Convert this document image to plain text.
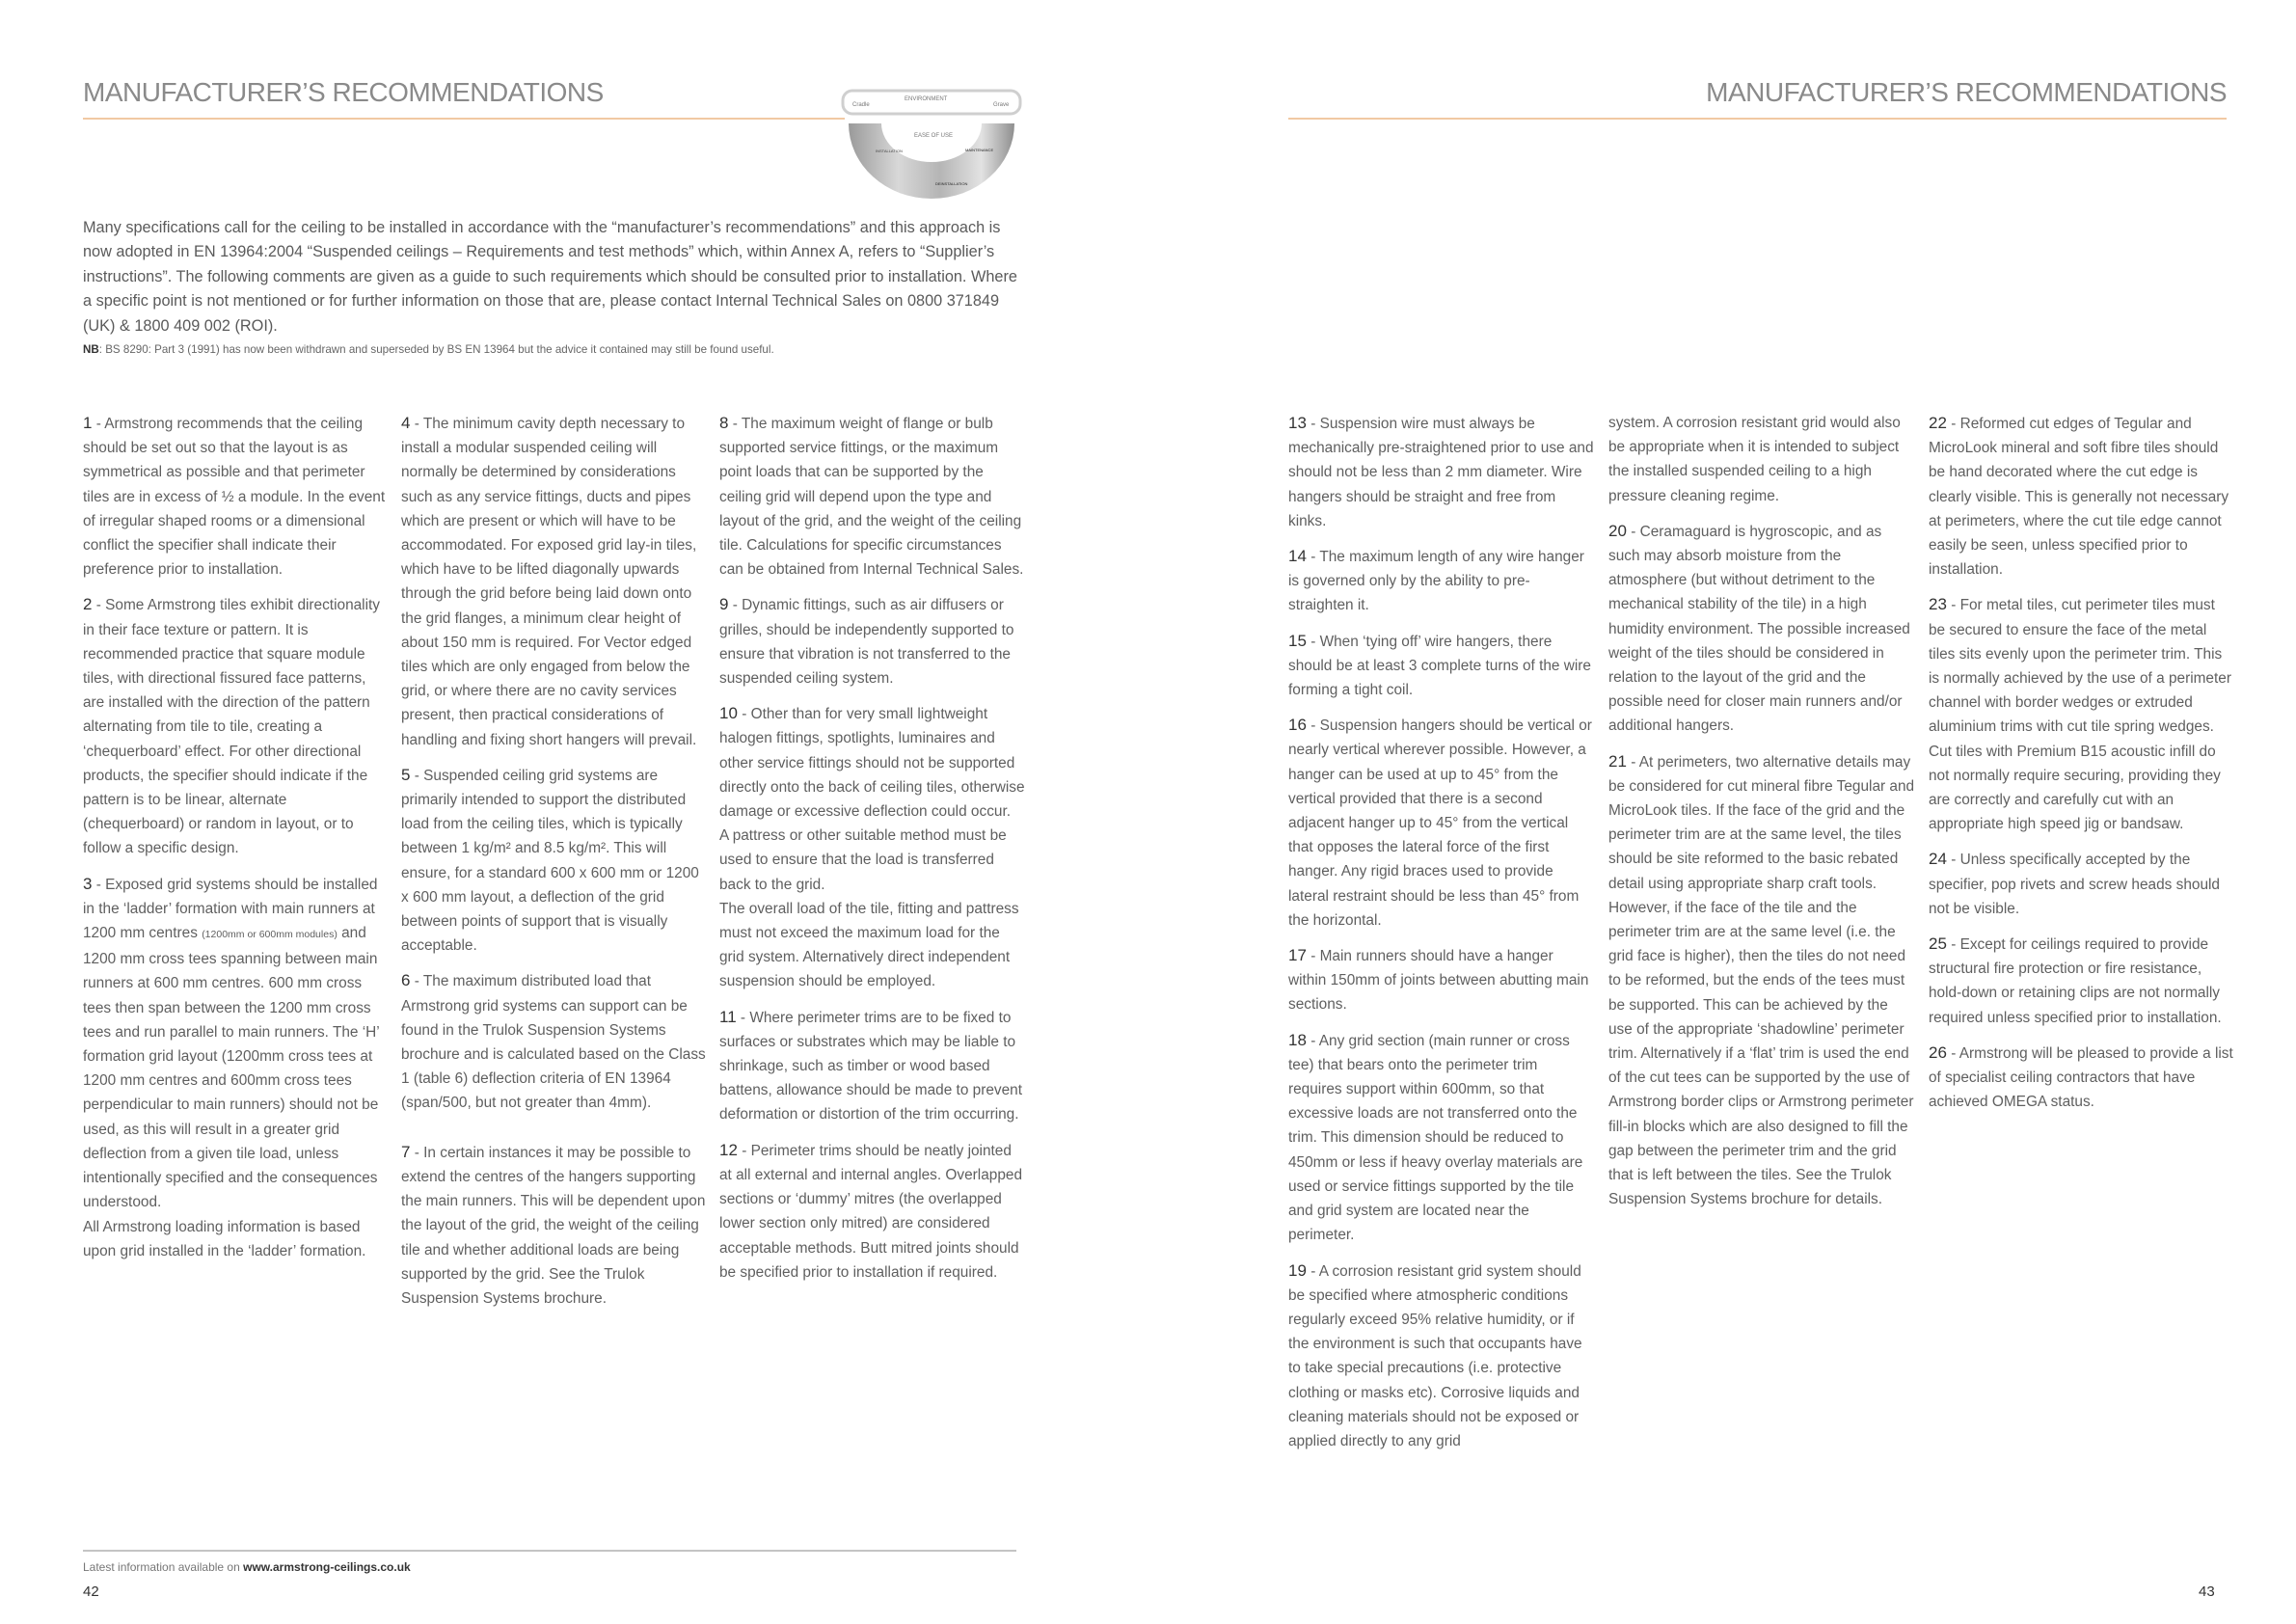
MANUFACTURER’S RECOMMENDATIONS	MANUFACTURER’S RECOMMENDATIONS
Cradle
ENVIRONMENT
Grave
EASE OF USE
INSTALLATION	MAINTENANCE
DEINSTALLATION

Many specifications call for the ceiling to be installed in accordance with the “manufacturer’s recommendations” and this approach is now adopted in EN 13964:2004 “Suspended ceilings – Requirements and test methods” which, within Annex A, refers to “Supplier’s instructions”. The following comments are given as a guide to such requirements which should be consulted prior to installation. Where a specific point is not mentioned or for further information on those that are, please contact Internal Technical Sales on 0800 371849 (UK) & 1800 409 002 (ROI).

NB: BS 8290: Part 3 (1991) has now been withdrawn and superseded by BS EN 13964 but the advice it contained may still be found useful.

1 - Armstrong recommends that the ceiling should be set out so that the layout is as symmetrical as possible and that perimeter tiles are in excess of ½ a module. In the event of irregular shaped rooms or a dimensional conflict the specifier shall indicate their preference prior to installation.

2 - Some Armstrong tiles exhibit directionality in their face texture or pattern. It is recommended practice that square module tiles, with directional fissured face patterns, are installed with the direction of the pattern alternating from tile to tile, creating a ‘chequerboard’ effect. For other directional products, the specifier should indicate if the pattern is to be linear, alternate (chequerboard) or random in layout, or to follow a specific design.

3 - Exposed grid systems should be installed in the ‘ladder’ formation with main runners at 1200 mm centres (1200mm or 600mm modules) and 1200 mm cross tees spanning between main runners at 600 mm centres. 600 mm cross tees then span between the 1200 mm cross tees and run parallel to main runners. The ‘H’ formation grid layout (1200mm cross tees at 1200 mm centres and 600mm cross tees perpendicular to main runners) should not be used, as this will result in a greater grid deflection from a given tile load, unless intentionally specified and the consequences understood.

All Armstrong loading information is based upon grid installed in the ‘ladder’ formation.

4 - The minimum cavity depth necessary to install a modular suspended ceiling will normally be determined by considerations such as any service fittings, ducts and pipes which are present or which will have to be accommodated. For exposed grid lay-in tiles, which have to be lifted diagonally upwards through the grid before being laid down onto the grid flanges, a minimum clear height of about 150 mm is required. For Vector edged tiles which are only engaged from below the grid, or where there are no cavity services present, then practical considerations of handling and fixing short hangers will prevail.

5 - Suspended ceiling grid systems are primarily intended to support the distributed load from the ceiling tiles, which is typically between 1 kg/m² and 8.5 kg/m². This will ensure, for a standard 600 x 600 mm or 1200 x 600 mm layout, a deflection of the grid between points of support that is visually acceptable.

6 - The maximum distributed load that Armstrong grid systems can support can be found in the Trulok Suspension Systems brochure and is calculated based on the Class 1 (table 6) deflection criteria of EN 13964 (span/500, but not greater than 4mm).

7 - In certain instances it may be possible to extend the centres of the hangers supporting the main runners. This will be dependent upon the layout of the grid, the weight of the ceiling tile and whether additional loads are being supported by the grid. See the Trulok Suspension Systems brochure.

8 - The maximum weight of flange or bulb supported service fittings, or the maximum point loads that can be supported by the ceiling grid will depend upon the type and layout of the grid, and the weight of the ceiling tile. Calculations for specific circumstances can be obtained from Internal Technical Sales.

9 - Dynamic fittings, such as air diffusers or grilles, should be independently supported to ensure that vibration is not transferred to the suspended ceiling system.

10 - Other than for very small lightweight halogen fittings, spotlights, luminaires and other service fittings should not be supported directly onto the back of ceiling tiles, otherwise damage or excessive deflection could occur.

A pattress or other suitable method must be used to ensure that the load is transferred back to the grid.

The overall load of the tile, fitting and pattress must not exceed the maximum load for the grid system. Alternatively direct independent suspension should be employed.

11 - Where perimeter trims are to be fixed to surfaces or substrates which may be liable to shrinkage, such as timber or wood based battens, allowance should be made to prevent deformation or distortion of the trim occurring.

12 - Perimeter trims should be neatly jointed at all external and internal angles. Overlapped sections or ‘dummy’ mitres (the overlapped lower section only mitred) are considered acceptable methods. Butt mitred joints should be specified prior to installation if required.

13 - Suspension wire must always be mechanically pre-straightened prior to use and should not be less than 2 mm diameter. Wire hangers should be straight and free from kinks.

14 - The maximum length of any wire hanger is governed only by the ability to pre-straighten it.

15 - When ‘tying off’ wire hangers, there should be at least 3 complete turns of the wire forming a tight coil.

16 - Suspension hangers should be vertical or nearly vertical wherever possible. However, a hanger can be used at up to 45° from the vertical provided that there is a second adjacent hanger up to 45° from the vertical that opposes the lateral force of the first hanger. Any rigid braces used to provide lateral restraint should be less than 45° from the horizontal.

17 - Main runners should have a hanger within 150mm of joints between abutting main sections.

18 - Any grid section (main runner or cross tee) that bears onto the perimeter trim requires support within 600mm, so that excessive loads are not transferred onto the trim. This dimension should be reduced to 450mm or less if heavy overlay materials are used or service fittings supported by the tile and grid system are located near the perimeter.

19 - A corrosion resistant grid system should be specified where atmospheric conditions regularly exceed 95% relative humidity, or if the environment is such that occupants have to take special precautions (i.e. protective clothing or masks etc). Corrosive liquids and cleaning materials should not be exposed or applied directly to any grid

system. A corrosion resistant grid would also be appropriate when it is intended to subject the installed suspended ceiling to a high pressure cleaning regime.

20 - Ceramaguard is hygroscopic, and as such may absorb moisture from the atmosphere (but without detriment to the mechanical stability of the tile) in a high humidity environment. The possible increased weight of the tiles should be considered in relation to the layout of the grid and the possible need for closer main runners and/or additional hangers.

21 - At perimeters, two alternative details may be considered for cut mineral fibre Tegular and MicroLook tiles. If the face of the grid and the perimeter trim are at the same level, the tiles should be site reformed to the basic rebated detail using appropriate sharp craft tools. However, if the face of the tile and the perimeter trim are at the same level (i.e. the grid face is higher), then the tiles do not need to be reformed, but the ends of the tees must be supported. This can be achieved by the use of the appropriate ‘shadowline’ perimeter trim. Alternatively if a ‘flat’ trim is used the end of the cut tees can be supported by the use of Armstrong border clips or Armstrong perimeter fill-in blocks which are also designed to fill the gap between the perimeter trim and the grid that is left between the tiles. See the Trulok Suspension Systems brochure for details.

22 - Reformed cut edges of Tegular and MicroLook mineral and soft fibre tiles should be hand decorated where the cut edge is clearly visible. This is generally not necessary at perimeters, where the cut tile edge cannot easily be seen, unless specified prior to installation.

23 - For metal tiles, cut perimeter tiles must be secured to ensure the face of the metal tiles sits evenly upon the perimeter trim. This is normally achieved by the use of a perimeter channel with border wedges or extruded aluminium trims with cut tile spring wedges. Cut tiles with Premium B15 acoustic infill do not normally require securing, providing they are correctly and carefully cut with an appropriate high speed jig or bandsaw.

24 - Unless specifically accepted by the specifier, pop rivets and screw heads should not be visible.

25 - Except for ceilings required to provide structural fire protection or fire resistance, hold-down or retaining clips are not normally required unless specified prior to installation.

26 - Armstrong will be pleased to provide a list of specialist ceiling contractors that have achieved OMEGA status.

Latest information available on www.armstrong-ceilings.co.uk
42	43
